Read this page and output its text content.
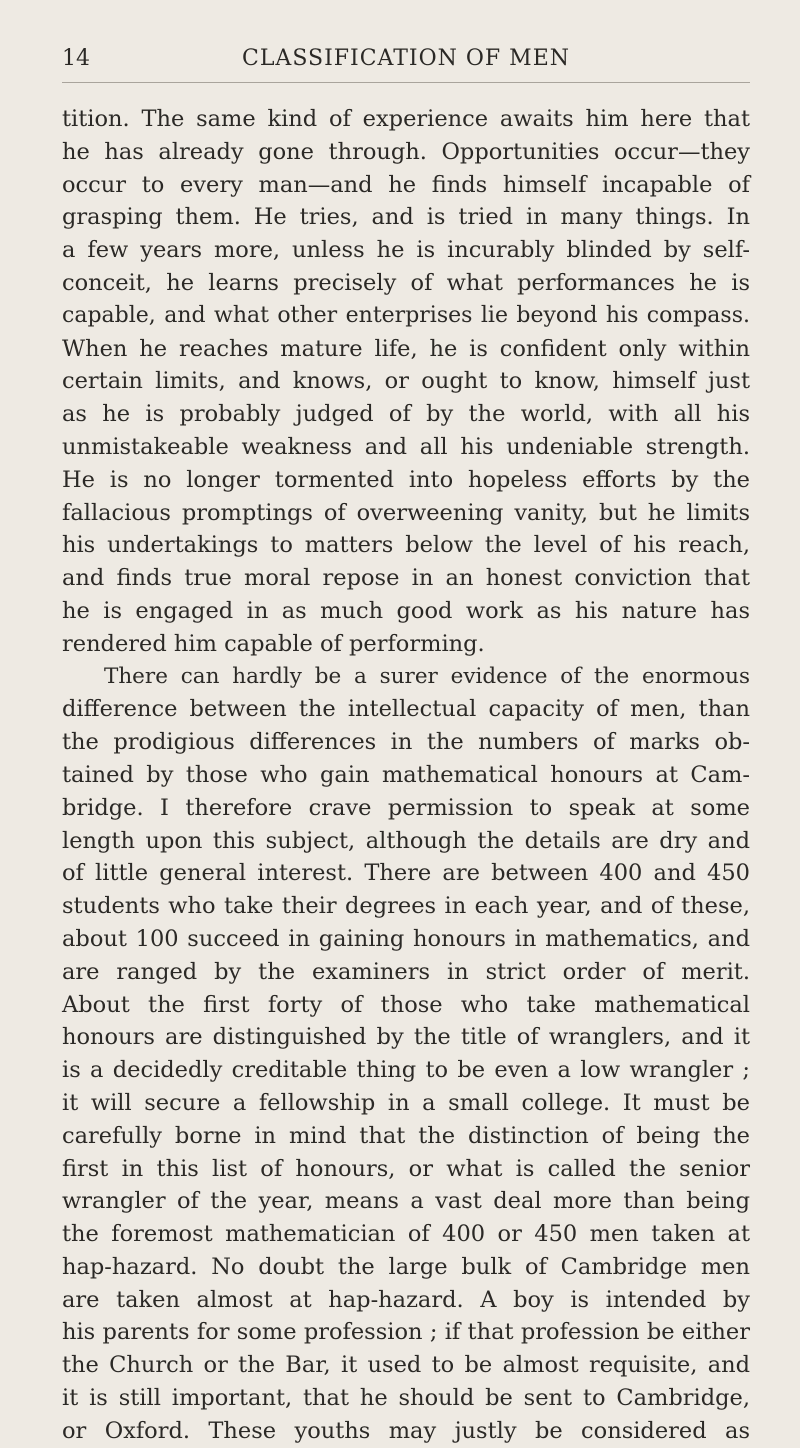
14	CLASSIFICATION OF MEN
tition. The same kind of experience awaits him here that
he has already gone through. Opportunities occur—they
occur to every man—and he finds himself incapable of
grasping them. He tries, and is tried in many things. In
a few years more, unless he is incurably blinded by self-
conceit, he learns precisely of what performances he is
capable, and what other enterprises lie beyond his compass.
When he reaches mature life, he is confident only within
certain limits, and knows, or ought to know, himself just
as he is probably judged of by the world, with all his
unmistakeable weakness and all his undeniable strength.
He is no longer tormented into hopeless efforts by the
fallacious promptings of overweening vanity, but he limits
his undertakings to matters below the level of his reach,
and finds true moral repose in an honest conviction that
he is engaged in as much good work as his nature has
rendered him capable of performing.
There can hardly be a surer evidence of the enormous
difference between the intellectual capacity of men, than
the prodigious differences in the numbers of marks ob-
tained by those who gain mathematical honours at Cam-
bridge. I therefore crave permission to speak at some
length upon this subject, although the details are dry and
of little general interest. There are between 400 and 450
students who take their degrees in each year, and of these,
about 100 succeed in gaining honours in mathematics, and
are ranged by the examiners in strict order of merit.
About the first forty of those who take mathematical
honours are distinguished by the title of wranglers, and it
is a decidedly creditable thing to be even a low wrangler ;
it will secure a fellowship in a small college. It must be
carefully borne in mind that the distinction of being the
first in this list of honours, or what is called the senior
wrangler of the year, means a vast deal more than being
the foremost mathematician of 400 or 450 men taken at
hap-hazard. No doubt the large bulk of Cambridge men
are taken almost at hap-hazard. A boy is intended by
his parents for some profession ; if that profession be either
the Church or the Bar, it used to be almost requisite, and
it is still important, that he should be sent to Cambridge,
or Oxford. These youths may justly be considered as
